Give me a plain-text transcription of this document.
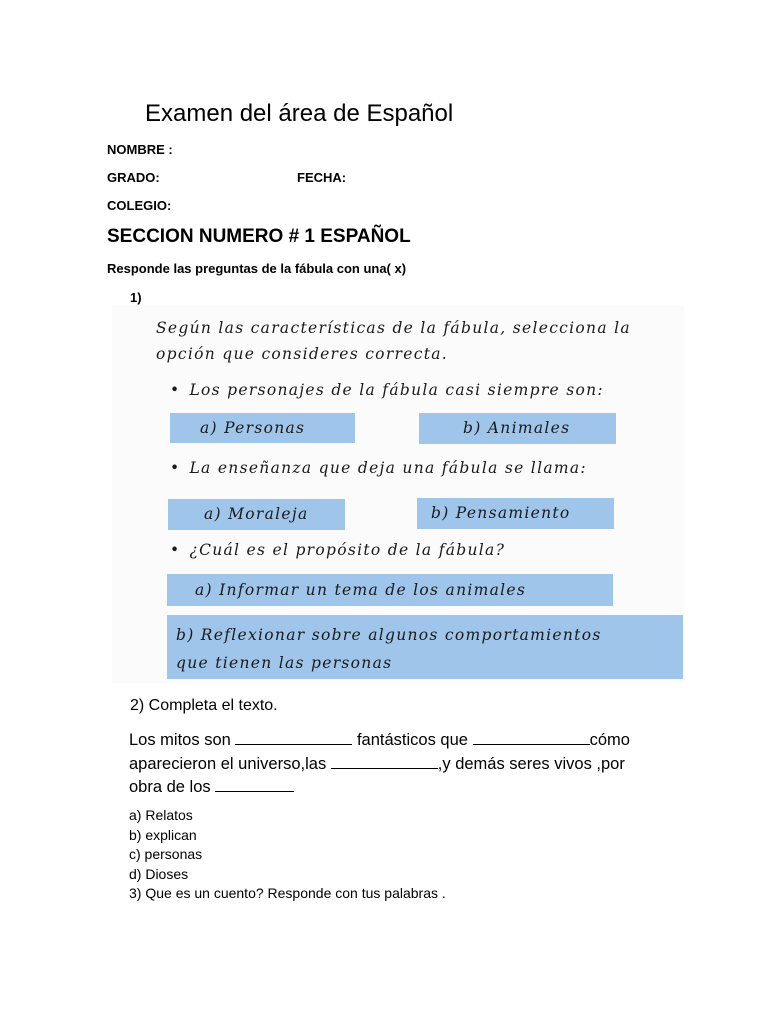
Examen del área de Español
NOMBRE :
GRADO:	FECHA:
COLEGIO:
SECCION NUMERO # 1 ESPAÑOL
Responde las preguntas de la fábula con una( x)
1)
Según las características de la fábula, selecciona la
opción que consideres correcta.
• Los personajes de la fábula casi siempre son:
a) Personas	b) Animales
• La enseñanza que deja una fábula se llama:
a) Moraleja	b) Pensamiento
• ¿Cuál es el propósito de la fábula?
a) Informar un tema de los animales
b) Reflexionar sobre algunos comportamientos
que tienen las personas
2) Completa el texto.
Los mitos son	fantásticos que	cómo
aparecieron el universo,las	,y demás seres vivos ,por
obra de los
a) Relatos
b) explican
c) personas
d) Dioses
3) Que es un cuento? Responde con tus palabras .
